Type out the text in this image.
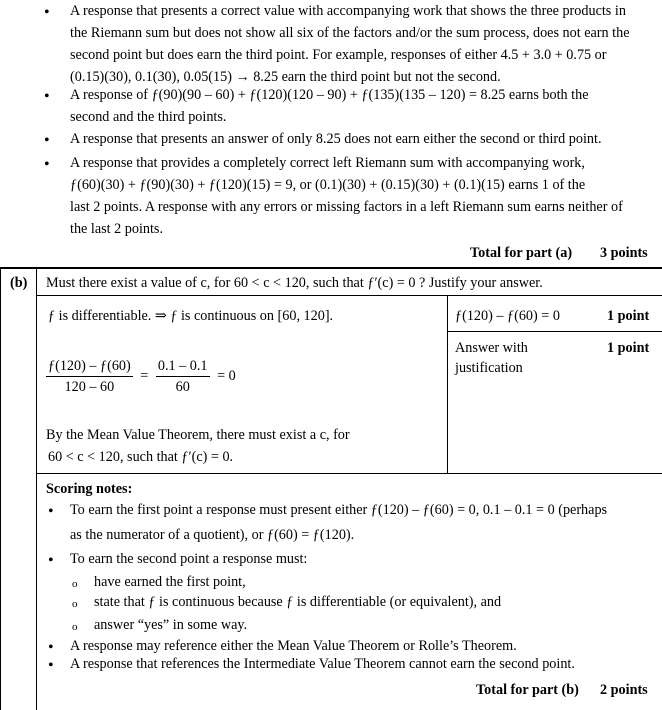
• A response that presents a correct value with accompanying work that shows the three products in
the Riemann sum but does not show all six of the factors and/or the sum process, does not earn the
second point but does earn the third point. For example, responses of either 4.5 + 3.0 + 0.75 or
(0.15)(30), 0.1(30), 0.05(15) → 8.25 earn the third point but not the second.
• A response of ƒ(90)(90 – 60) + ƒ(120)(120 – 90) + ƒ(135)(135 – 120) = 8.25 earns both the
second and the third points.
• A response that presents an answer of only 8.25 does not earn either the second or third point.
• A response that provides a completely correct left Riemann sum with accompanying work,
ƒ(60)(30) + ƒ(90)(30) + ƒ(120)(15) = 9, or (0.1)(30) + (0.15)(30) + (0.1)(15) earns 1 of the
last 2 points. A response with any errors or missing factors in a left Riemann sum earns neither of
the last 2 points.
Total for part (a) 3 points
(b) Must there exist a value of c, for 60 < c < 120, such that ƒ′(c) = 0 ? Justify your answer.
ƒ is differentiable. ⇒ ƒ is continuous on [60, 120].
$\frac{ƒ(120) - ƒ(60)}{120 - 60} = \frac{0.1 - 0.1}{60} = 0$
By the Mean Value Theorem, there must exist a c, for
60 < c < 120, such that ƒ′(c) = 0.
ƒ(120) – ƒ(60) = 0	1 point
Answer with
justification
1 point
Scoring notes:
• To earn the first point a response must present either ƒ(120) – ƒ(60) = 0, 0.1 – 0.1 = 0 (perhaps
as the numerator of a quotient), or ƒ(60) = ƒ(120).
• To earn the second point a response must:
o have earned the first point,
o state that ƒ is continuous because ƒ is differentiable (or equivalent), and
o answer “yes” in some way.
• A response may reference either the Mean Value Theorem or Rolle’s Theorem.
• A response that references the Intermediate Value Theorem cannot earn the second point.
Total for part (b) 2 points
